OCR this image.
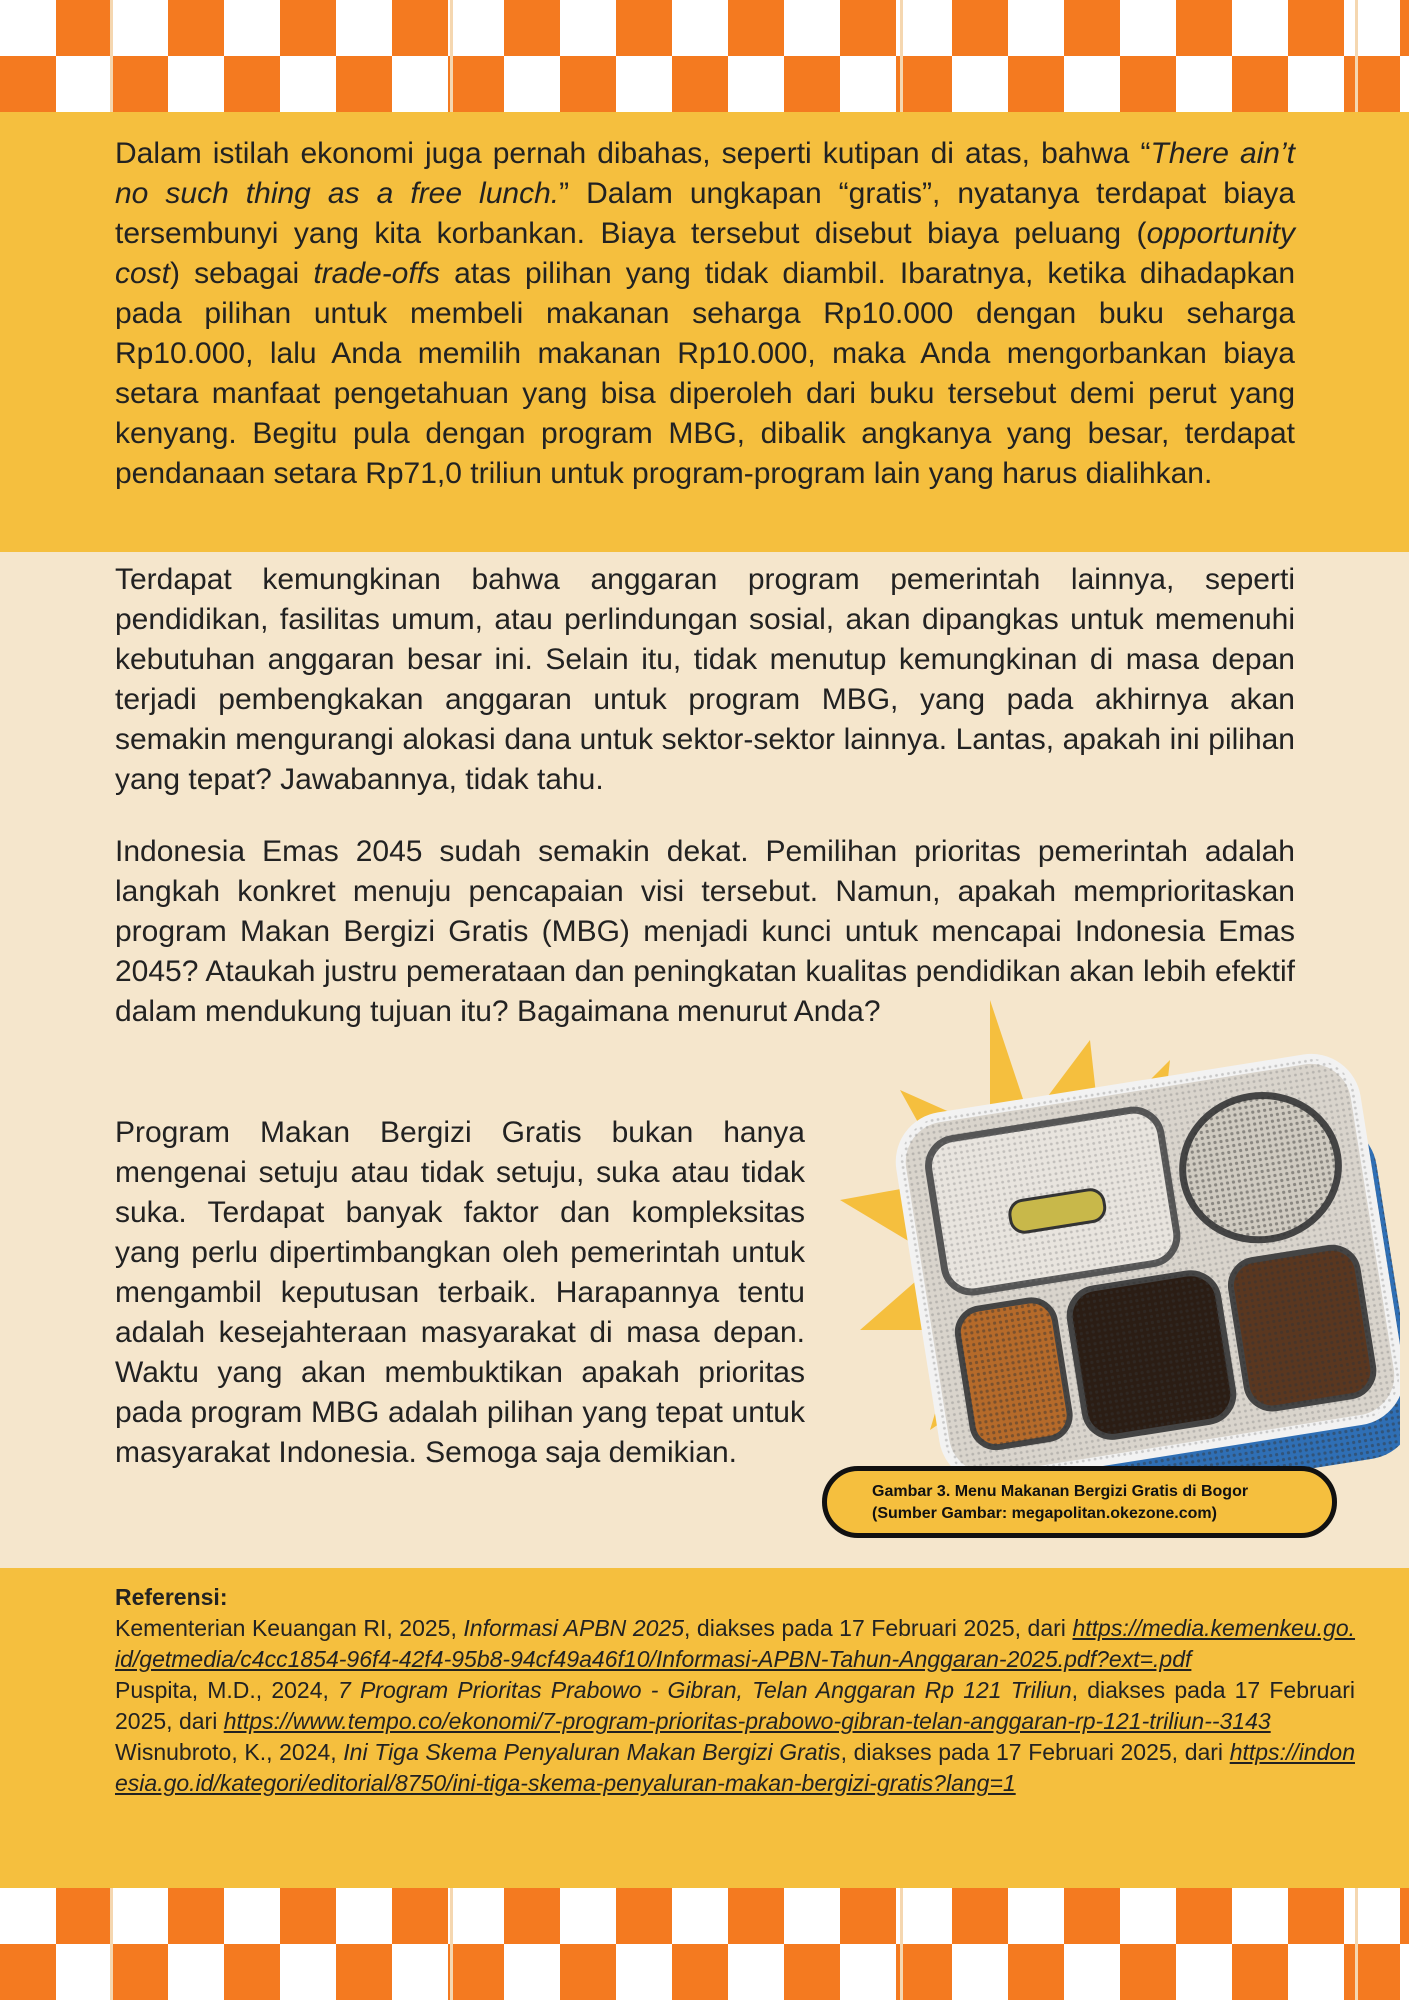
Dalam istilah ekonomi juga pernah dibahas, seperti kutipan di atas, bahwa “There ain’t no such thing as a free lunch.” Dalam ungkapan “gratis”, nyatanya terdapat biaya tersembunyi yang kita korbankan. Biaya tersebut disebut biaya peluang (opportunity cost) sebagai trade-offs atas pilihan yang tidak diambil. Ibaratnya, ketika dihadapkan pada pilihan untuk membeli makanan seharga Rp10.000 dengan buku seharga Rp10.000, lalu Anda memilih makanan Rp10.000, maka Anda mengorbankan biaya setara manfaat pengetahuan yang bisa diperoleh dari buku tersebut demi perut yang kenyang. Begitu pula dengan program MBG, dibalik angkanya yang besar, terdapat pendanaan setara Rp71,0 triliun untuk program-program lain yang harus dialihkan.

Terdapat kemungkinan bahwa anggaran program pemerintah lainnya, seperti pendidikan, fasilitas umum, atau perlindungan sosial, akan dipangkas untuk memenuhi kebutuhan anggaran besar ini. Selain itu, tidak menutup kemungkinan di masa depan terjadi pembengkakan anggaran untuk program MBG, yang pada akhirnya akan semakin mengurangi alokasi dana untuk sektor-sektor lainnya. Lantas, apakah ini pilihan yang tepat? Jawabannya, tidak tahu.

Indonesia Emas 2045 sudah semakin dekat. Pemilihan prioritas pemerintah adalah langkah konkret menuju pencapaian visi tersebut. Namun, apakah memprioritaskan program Makan Bergizi Gratis (MBG) menjadi kunci untuk mencapai Indonesia Emas 2045? Ataukah justru pemerataan dan peningkatan kualitas pendidikan akan lebih efektif dalam mendukung tujuan itu? Bagaimana menurut Anda?

Program Makan Bergizi Gratis bukan hanya mengenai setuju atau tidak setuju, suka atau tidak suka. Terdapat banyak faktor dan kompleksitas yang perlu dipertimbangkan oleh pemerintah untuk mengambil keputusan terbaik. Harapannya tentu adalah kesejahteraan masyarakat di masa depan. Waktu yang akan membuktikan apakah prioritas pada program MBG adalah pilihan yang tepat untuk masyarakat Indonesia. Semoga saja demikian.

Gambar 3. Menu Makanan Bergizi Gratis di Bogor
(Sumber Gambar: megapolitan.okezone.com)
Referensi:
Kementerian Keuangan RI, 2025, Informasi APBN 2025, diakses pada 17 Februari 2025, dari https://media.kemenkeu.go.id/getmedia/c4cc1854-96f4-42f4-95b8-94cf49a46f10/Informasi-APBN-Tahun-Anggaran-2025.pdf?ext=.pdf
Puspita, M.D., 2024, 7 Program Prioritas Prabowo - Gibran, Telan Anggaran Rp 121 Triliun, diakses pada 17 Februari 2025, dari https://www.tempo.co/ekonomi/7-program-prioritas-prabowo-gibran-telan-anggaran-rp-121-triliun--3143
Wisnubroto, K., 2024, Ini Tiga Skema Penyaluran Makan Bergizi Gratis, diakses pada 17 Februari 2025, dari https://indonesia.go.id/kategori/editorial/8750/ini-tiga-skema-penyaluran-makan-bergizi-gratis?lang=1
